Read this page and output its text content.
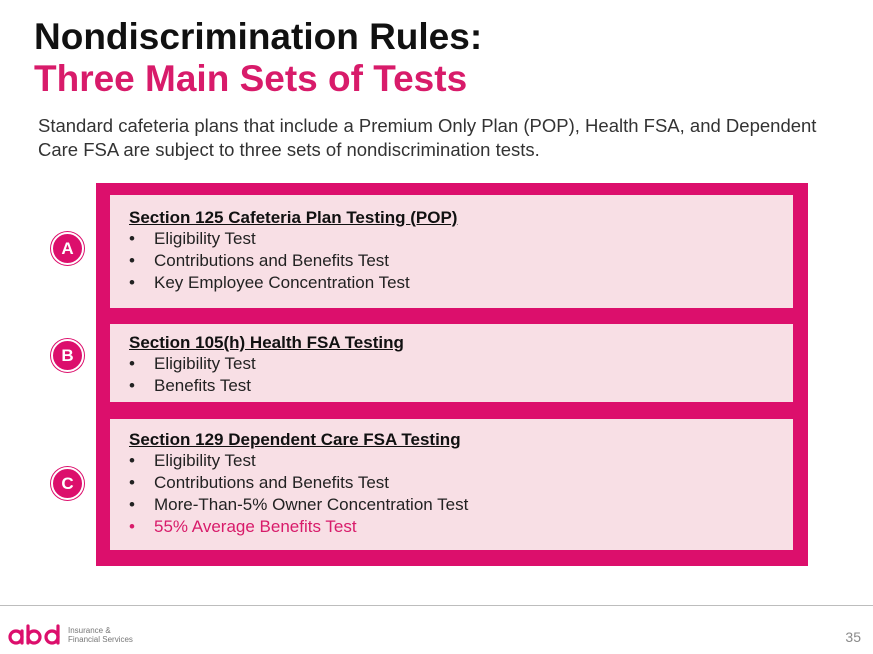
Nondiscrimination Rules:
Three Main Sets of Tests
Standard cafeteria plans that include a Premium Only Plan (POP), Health FSA, and Dependent Care FSA are subject to three sets of nondiscrimination tests.
Section 125 Cafeteria Plan Testing (POP)
• Eligibility Test
• Contributions and Benefits Test
• Key Employee Concentration Test
Section 105(h) Health FSA Testing
• Eligibility Test
• Benefits Test
Section 129 Dependent Care FSA Testing
• Eligibility Test
• Contributions and Benefits Test
• More-Than-5% Owner Concentration Test
• 55% Average Benefits Test
A
B
C
Insurance &
Financial Services	35
